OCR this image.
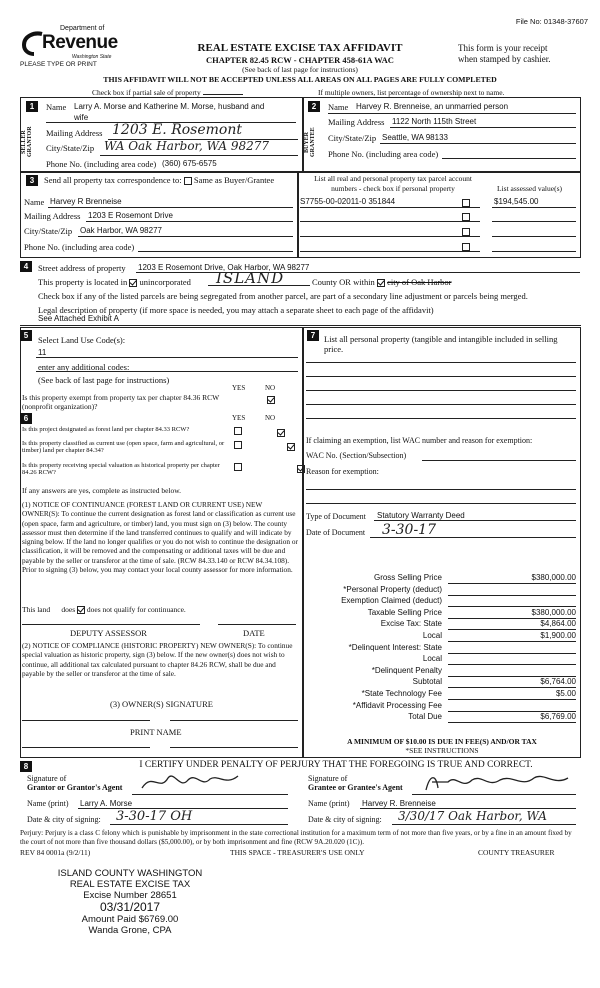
File No: 01348-37607
Department of
Revenue
Washington State
PLEASE TYPE OR PRINT
REAL ESTATE EXCISE TAX AFFIDAVIT
CHAPTER 82.45 RCW - CHAPTER 458-61A WAC
(See back of last page for instructions)
This form is your receipt
when stamped by cashier.
THIS AFFIDAVIT WILL NOT BE ACCEPTED UNLESS ALL AREAS ON ALL PAGES ARE FULLY COMPLETED
Check box if partial sale of property	If multiple owners, list percentage of ownership next to name.
1
SELLER GRANTOR
Name Larry A. Morse and Katherine M. Morse, husband and
wife
Mailing Address 1203 E. Rosemont
City/State/Zip WA Oak Harbor, WA 98277
Phone No. (including area code) (360) 675-6575
2
BUYER GRANTEE
Name Harvey R. Brenneise, an unmarried person
Mailing Address 1122 North 115th Street
City/State/Zip Seattle, WA 98133
Phone No. (including area code)
3	Send all property tax correspondence to: Same as Buyer/Grantee
Name Harvey R Brenneise
Mailing Address 1203 E Rosemont Drive
City/State/Zip Oak Harbor, WA 98277
Phone No. (including area code)
List all real and personal property tax parcel account
numbers - check box if personal property	List assessed value(s)
S7755-00-02011-0 351844	$194,545.00
4	Street address of property 1203 E Rosemont Drive, Oak Harbor, WA 98277
This property is located in unincorporated ISLAND	County OR within city of Oak Harbor
Check box if any of the listed parcels are being segregated from another parcel, are part of a secondary line adjustment or parcels being merged.
Legal description of property (if more space is needed, you may attach a separate sheet to each page of the affidavit)
See Attached Exhibit A
5	Select Land Use Code(s):
11
enter any additional codes:
(See back of last page for instructions)
YES	NO
Is this property exempt from property tax per chapter 84.36 RCW (nonprofit organization)?

6	YES	NO
Is this project designated as forest land per chapter 84.33 RCW?

Is this property classified as current use (open space, farm and agricultural, or timber) land per chapter 84.34?

Is this property receiving special valuation as historical property per chapter 84.26 RCW?
If any answers are yes, complete as instructed below.
(1) NOTICE OF CONTINUANCE (FOREST LAND OR CURRENT USE) NEW OWNER(S): To continue the current designation as forest land or classification as current use (open space, farm and agriculture, or timber) land, you must sign on (3) below. The county assessor must then determine if the land transferred continues to qualify and will indicate by signing below. If the land no longer qualifies or you do not wish to continue the designation or classification, it will be removed and the compensating or additional taxes will be due and payable by the seller or transferor at the time of sale. (RCW 84.33.140 or RCW 84.34.108). Prior to signing (3) below, you may contact your local county assessor for more information.
This land does does not qualify for continuance.
DEPUTY ASSESSOR	DATE
(2) NOTICE OF COMPLIANCE (HISTORIC PROPERTY) NEW OWNER(S): To continue special valuation as historic property, sign (3) below. If the new owner(s) does not wish to continue, all additional tax calculated pursuant to chapter 84.26 RCW, shall be due and payable by the seller or transferor at the time of sale.
(3) OWNER(S) SIGNATURE
PRINT NAME
7	List all personal property (tangible and intangible included in selling price.
If claiming an exemption, list WAC number and reason for exemption:
WAC No. (Section/Subsection)
Reason for exemption:
Type of Document Statutory Warranty Deed
Date of Document 3-30-17
Gross Selling Price	$380,000.00
*Personal Property (deduct)
Exemption Claimed (deduct)
Taxable Selling Price	$380,000.00
Excise Tax: State	$4,864.00
Local	$1,900.00
*Delinquent Interest: State
Local
*Delinquent Penalty
Subtotal	$6,764.00
*State Technology Fee	$5.00
*Affidavit Processing Fee
Total Due	$6,769.00
A MINIMUM OF $10.00 IS DUE IN FEE(S) AND/OR TAX
*SEE INSTRUCTIONS
8	I CERTIFY UNDER PENALTY OF PERJURY THAT THE FOREGOING IS TRUE AND CORRECT.
Signature of
Grantor or Grantor's Agent
Signature of
Grantee or Grantee's Agent
Name (print) Larry A. Morse	Name (print) Harvey R. Brenneise
Date & city of signing: 3-30-17 OH	Date & city of signing: 3/30/17 Oak Harbor, WA
Perjury: Perjury is a class C felony which is punishable by imprisonment in the state correctional institution for a maximum term of not more than five years, or by a fine in an amount fixed by the court of not more than five thousand dollars ($5,000.00), or by both imprisonment and fine (RCW 9A.20.020 (1C)).
REV 84 0001a (9/2/11)	THIS SPACE - TREASURER'S USE ONLY	COUNTY TREASURER
ISLAND COUNTY WASHINGTON
REAL ESTATE EXCISE TAX
Excise Number 28651
03/31/2017
Amount Paid $6769.00
Wanda Grone, CPA
